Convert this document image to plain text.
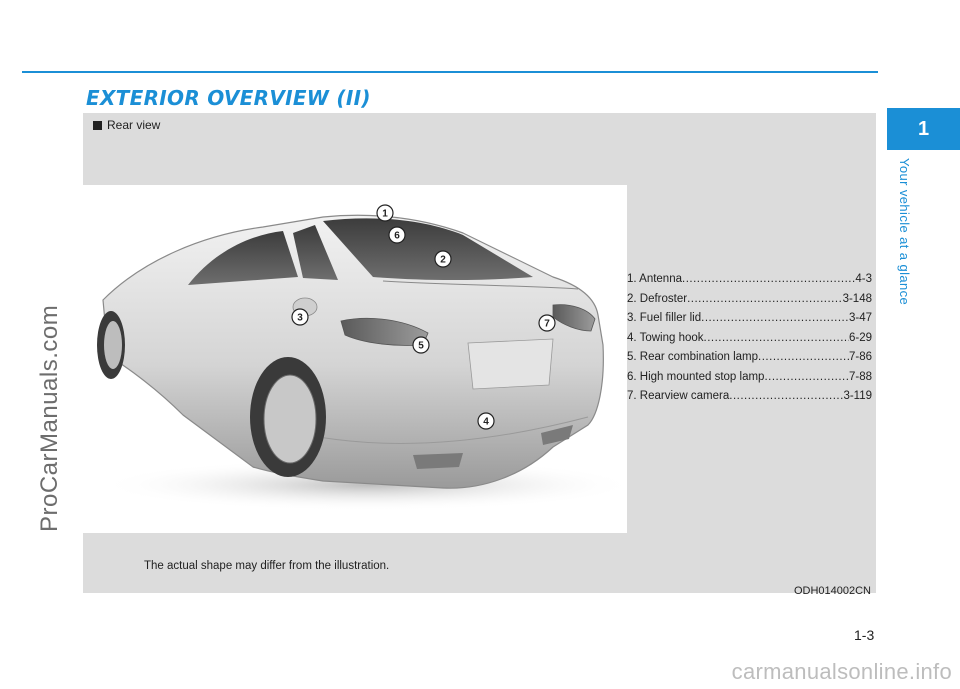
EXTERIOR OVERVIEW (II)
1
Your vehicle at a glance
ProCarManuals.com
Rear view
1
6
2
3
7
5
4
1. Antenna .....	4-3
2. Defroster .....	3-148
3. Fuel filler lid .....	3-47
4. Towing hook .....	6-29
5. Rear combination lamp .....	7-86
6. High mounted stop lamp .....	7-88
7. Rearview camera .....	3-119
The actual shape may differ from the illustration.
ODH014002CN
1-3
carmanualsonline.info
